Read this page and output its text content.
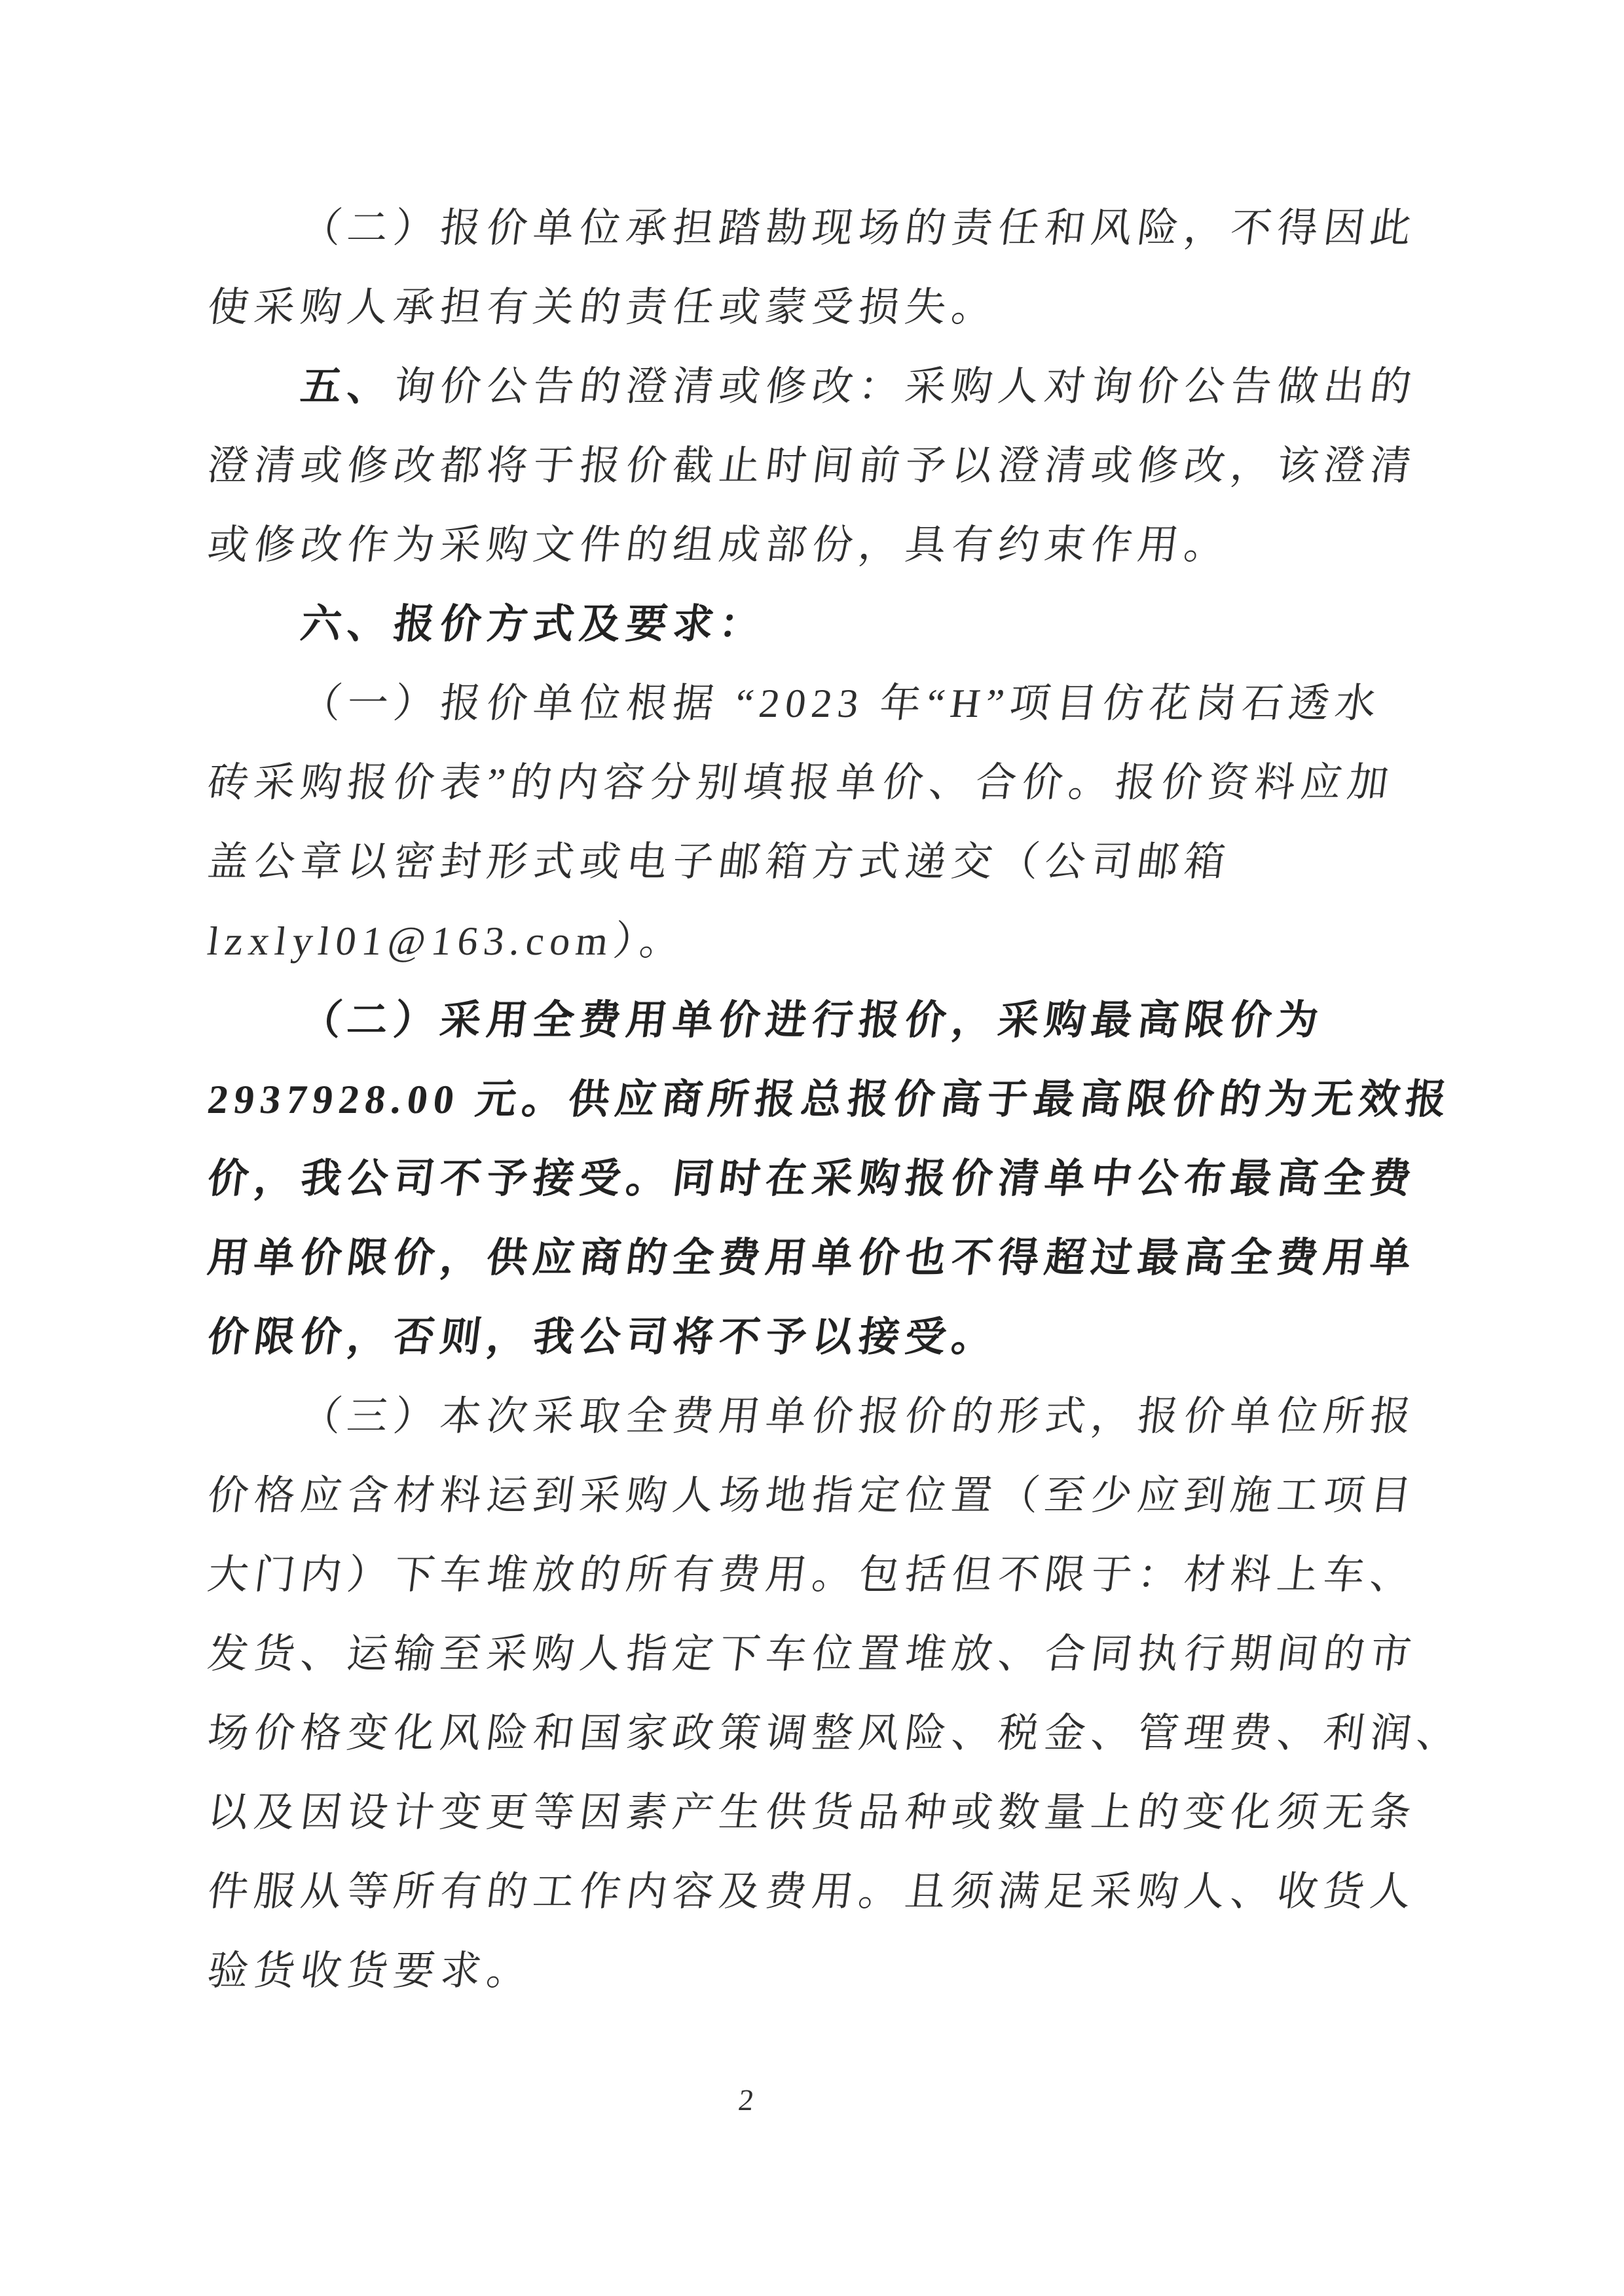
（二）报价单位承担踏勘现场的责任和风险，不得因此

使采购人承担有关的责任或蒙受损失。

五、询价公告的澄清或修改：采购人对询价公告做出的

澄清或修改都将于报价截止时间前予以澄清或修改，该澄清

或修改作为采购文件的组成部份，具有约束作用。

六、报价方式及要求：

（一）报价单位根据 “2023 年“H”项目仿花岗石透水

砖采购报价表”的内容分别填报单价、合价。报价资料应加

盖公章以密封形式或电子邮箱方式递交（公司邮箱

lzxlyl01@163.com）。

（二）采用全费用单价进行报价，采购最高限价为

2937928.00 元。供应商所报总报价高于最高限价的为无效报

价，我公司不予接受。同时在采购报价清单中公布最高全费

用单价限价，供应商的全费用单价也不得超过最高全费用单

价限价，否则，我公司将不予以接受。

（三）本次采取全费用单价报价的形式，报价单位所报

价格应含材料运到采购人场地指定位置（至少应到施工项目

大门内）下车堆放的所有费用。包括但不限于：材料上车、

发货、运输至采购人指定下车位置堆放、合同执行期间的市

场价格变化风险和国家政策调整风险、税金、管理费、利润、

以及因设计变更等因素产生供货品种或数量上的变化须无条

件服从等所有的工作内容及费用。且须满足采购人、收货人

验货收货要求。

2
